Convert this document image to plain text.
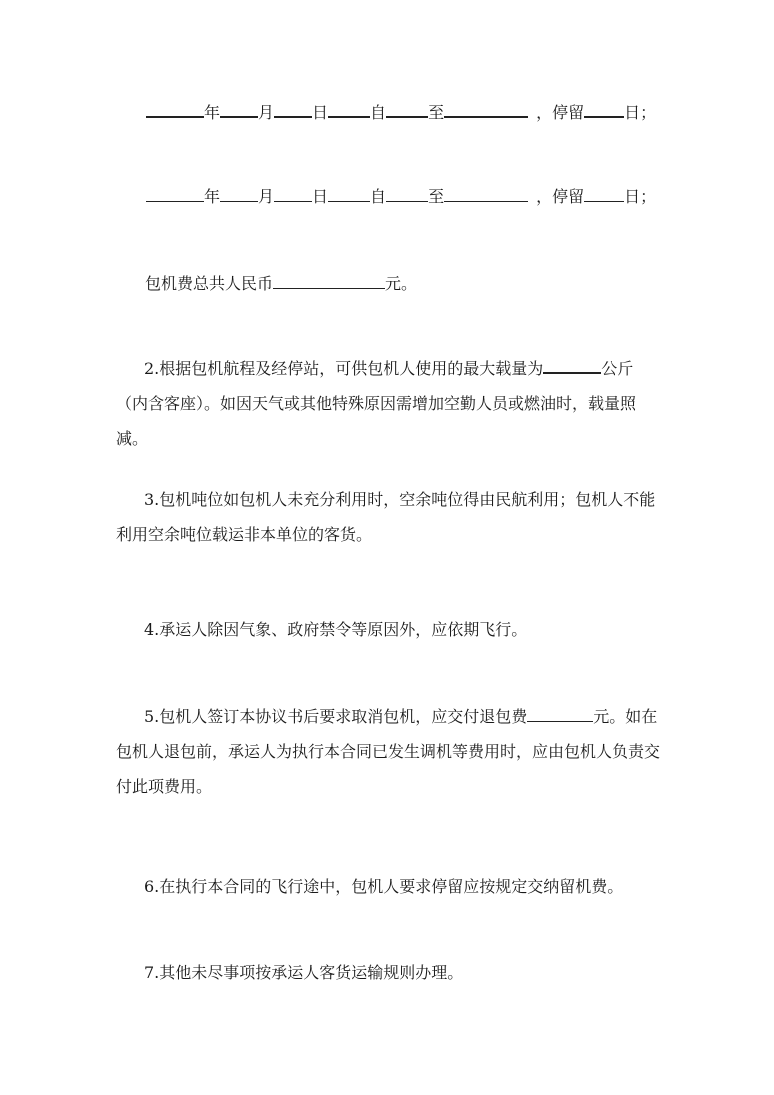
年 月 日	自	至	，停留	日；
年 月 日	自	至	，停留	日；
包机费总共人民币	元。

2.根据包机航程及经停站，可供包机人使用的最大载量为	公斤（内含客座）。如因天气或其他特殊原因需增加空勤人员或燃油时，载量照减。

3.包机吨位如包机人未充分利用时，空余吨位得由民航利用；包机人不能利用空余吨位载运非本单位的客货。

4.承运人除因气象、政府禁令等原因外，应依期飞行。

5.包机人签订本协议书后要求取消包机，应交付退包费	元。如在包机人退包前，承运人为执行本合同已发生调机等费用时，应由包机人负责交付此项费用。

6.在执行本合同的飞行途中，包机人要求停留应按规定交纳留机费。

7.其他未尽事项按承运人客货运输规则办理。
